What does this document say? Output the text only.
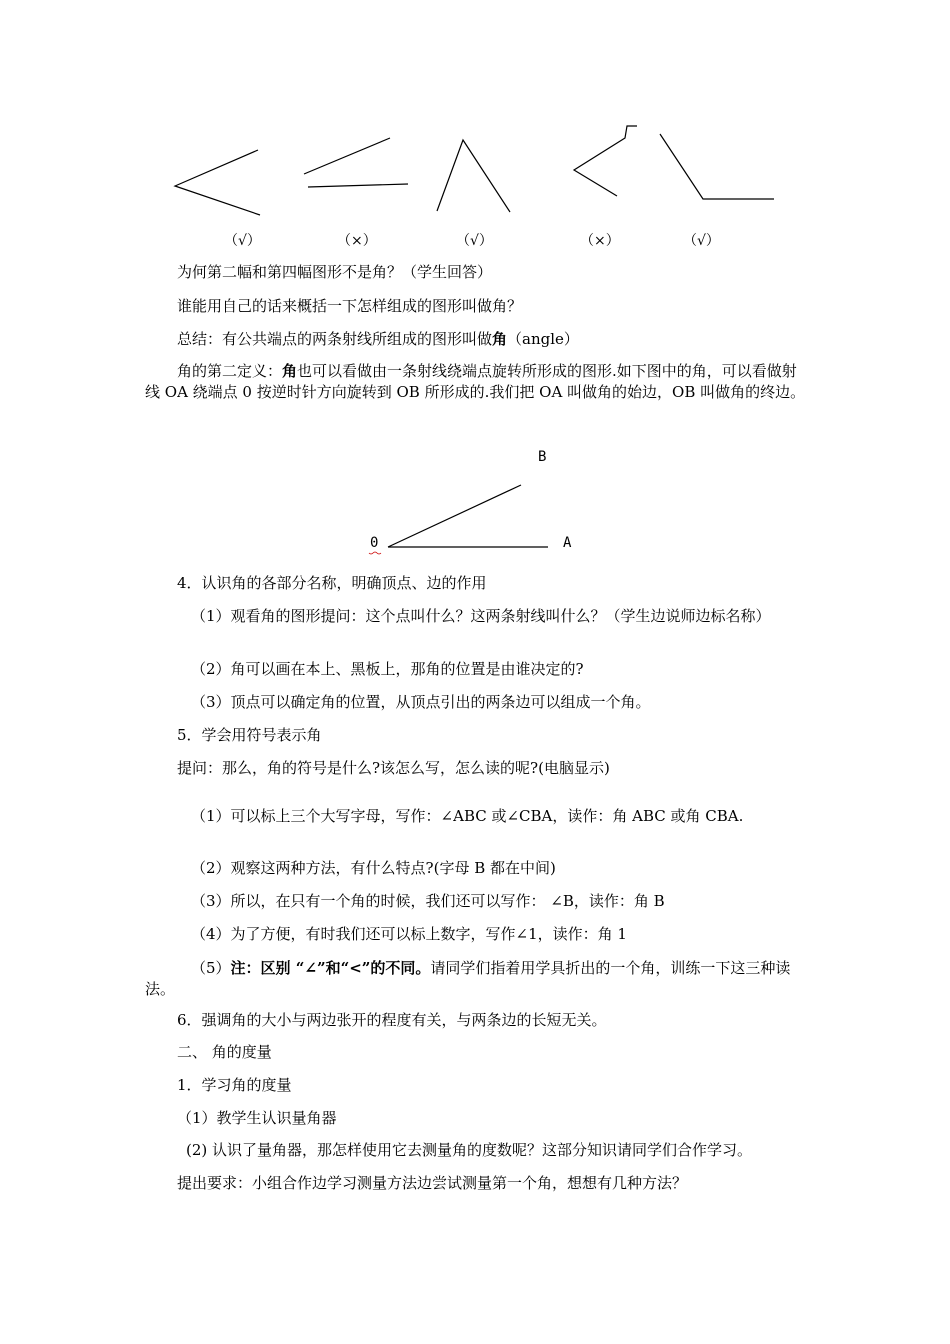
（√）	（×）	（√）	（×）	（√）
为何第二幅和第四幅图形不是角？（学生回答）
谁能用自己的话来概括一下怎样组成的图形叫做角？
总结：有公共端点的两条射线所组成的图形叫做角（angle）

角的第二定义：角也可以看做由一条射线绕端点旋转所形成的图形.如下图中的角，可以看做射线 OA 绕端点 0 按逆时针方向旋转到 OB 所形成的.我们把 OA 叫做角的始边，OB 叫做角的终边。

0	A
B
4．认识角的各部分名称，明确顶点、边的作用

（1）观看角的图形提问：这个点叫什么？这两条射线叫什么？（学生边说师边标名称）

（2）角可以画在本上、黑板上，那角的位置是由谁决定的?
（3）顶点可以确定角的位置，从顶点引出的两条边可以组成一个角。
5．学会用符号表示角
提问：那么，角的符号是什么?该怎么写，怎么读的呢?(电脑显示)

（1）可以标上三个大写字母，写作：∠ABC 或∠CBA，读作：角 ABC 或角 CBA.

（2）观察这两种方法，有什么特点?(字母 B 都在中间)
（3）所以，在只有一个角的时候，我们还可以写作： ∠B，读作：角 B
（4）为了方便，有时我们还可以标上数字，写作∠1，读作：角 1

（5）注：区别 “∠”和“<”的不同。请同学们指着用学具折出的一个角，训练一下这三种读法。

6．强调角的大小与两边张开的程度有关，与两条边的长短无关。
二、 角的度量
1．学习角的度量
（1）教学生认识量角器
(2) 认识了量角器，那怎样使用它去测量角的度数呢？这部分知识请同学们合作学习。
提出要求：小组合作边学习测量方法边尝试测量第一个角，想想有几种方法？
